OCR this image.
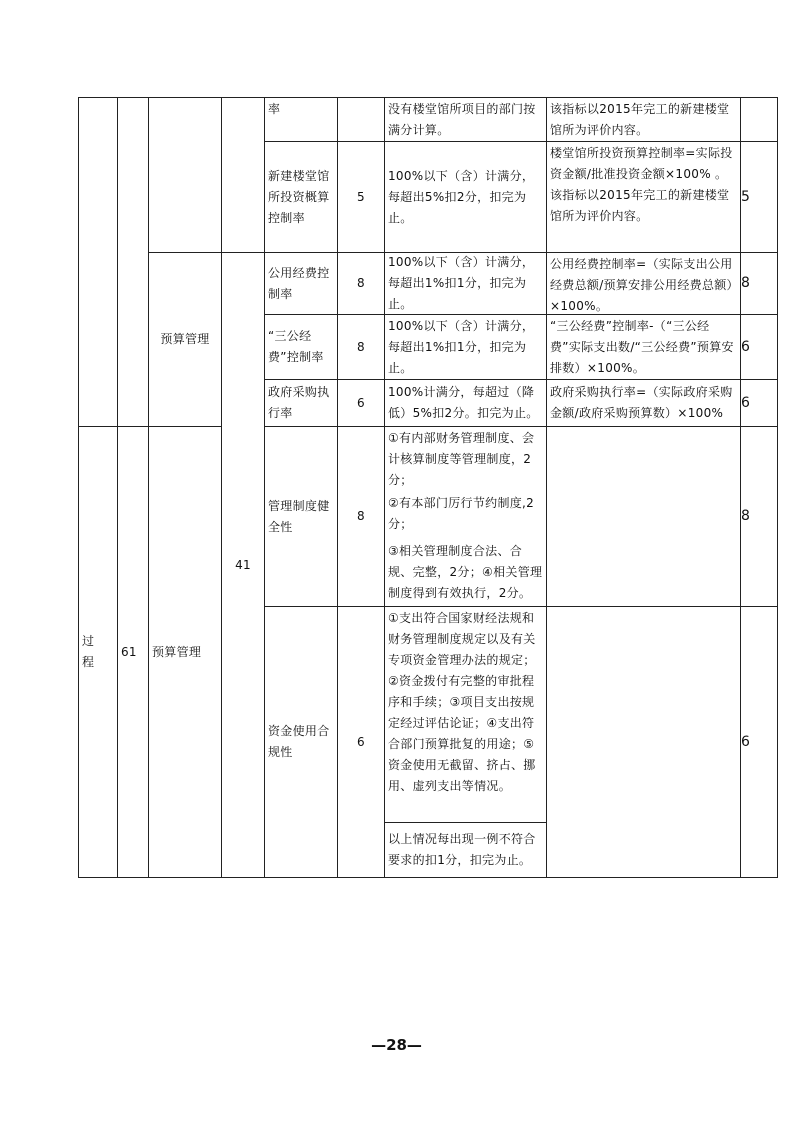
过
程
61
预算管理
预算管理
41
率	没有楼堂馆所项目的部门按满分计算。
该指标以2015年完工的新建楼堂馆所为评价内容。
新建楼堂馆所投资概算控制率
5
100%以下（含）计满分，每超出5%扣2分，扣完为止。
楼堂馆所投资预算控制率=实际投资金额/批准投资金额×100% 。
该指标以2015年完工的新建楼堂馆所为评价内容。
5
公用经费控制率
8
100%以下（含）计满分，每超出1%扣1分，扣完为止。
公用经费控制率=（实际支出公用经费总额/预算安排公用经费总额）×100%。
8
“三公经费”控制率
8
100%以下（含）计满分，每超出1%扣1分，扣完为止。
“三公经费”控制率-（“三公经费”实际支出数/“三公经费”预算安排数）×100%。
6
政府采购执行率
6
100%计满分，每超过（降低）5%扣2分。扣完为止。
政府采购执行率=（实际政府采购金额/政府采购预算数）×100%
6
管理制度健全性
8
①有内部财务管理制度、会计核算制度等管理制度，2分；
②有本部门厉行节约制度,2分；
③相关管理制度合法、合规、完整，2分；④相关管理制度得到有效执行，2分。
8
资金使用合规性
6
①支出符合国家财经法规和财务管理制度规定以及有关专项资金管理办法的规定；②资金拨付有完整的审批程序和手续；③项目支出按规定经过评估论证；④支出符合部门预算批复的用途；⑤资金使用无截留、挤占、挪用、虚列支出等情况。
以上情况每出现一例不符合要求的扣1分，扣完为止。
6
—28—
